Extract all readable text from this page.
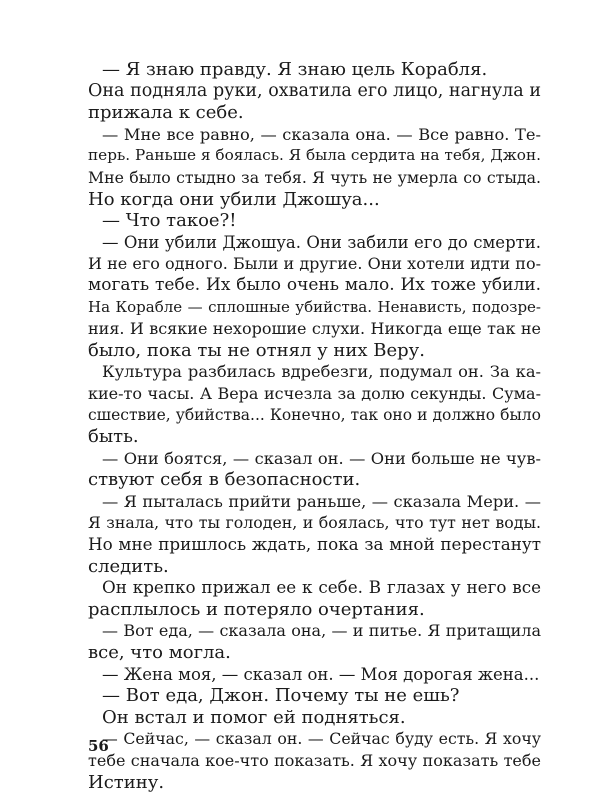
— Я знаю правду. Я знаю цель Корабля.
Она подняла руки, охватила его лицо, нагнула и
прижала к себе.
— Мне все равно, — сказала она. — Все равно. Те-
перь. Раньше я боялась. Я была сердита на тебя, Джон.
Мне было стыдно за тебя. Я чуть не умерла со стыда.
Но когда они убили Джошуа...
— Что такое?!
— Они убили Джошуа. Они забили его до смерти.
И не его одного. Были и другие. Они хотели идти по-
могать тебе. Их было очень мало. Их тоже убили.
На Корабле — сплошные убийства. Ненависть, подозре-
ния. И всякие нехорошие слухи. Никогда еще так не
было, пока ты не отнял у них Веру.
Культура разбилась вдребезги, подумал он. За ка-
кие-то часы. А Вера исчезла за долю секунды. Сума-
сшествие, убийства... Конечно, так оно и должно было
быть.
— Они боятся, — сказал он. — Они больше не чув-
ствуют себя в безопасности.
— Я пыталась прийти раньше, — сказала Мери. —
Я знала, что ты голоден, и боялась, что тут нет воды.
Но мне пришлось ждать, пока за мной перестанут
следить.
Он крепко прижал ее к себе. В глазах у него все
расплылось и потеряло очертания.
— Вот еда, — сказала она, — и питье. Я притащила
все, что могла.
— Жена моя, — сказал он. — Моя дорогая жена...
— Вот еда, Джон. Почему ты не ешь?
Он встал и помог ей подняться.
— Сейчас, — сказал он. — Сейчас буду есть. Я хочу
тебе сначала кое-что показать. Я хочу показать тебе
Истину.
56
